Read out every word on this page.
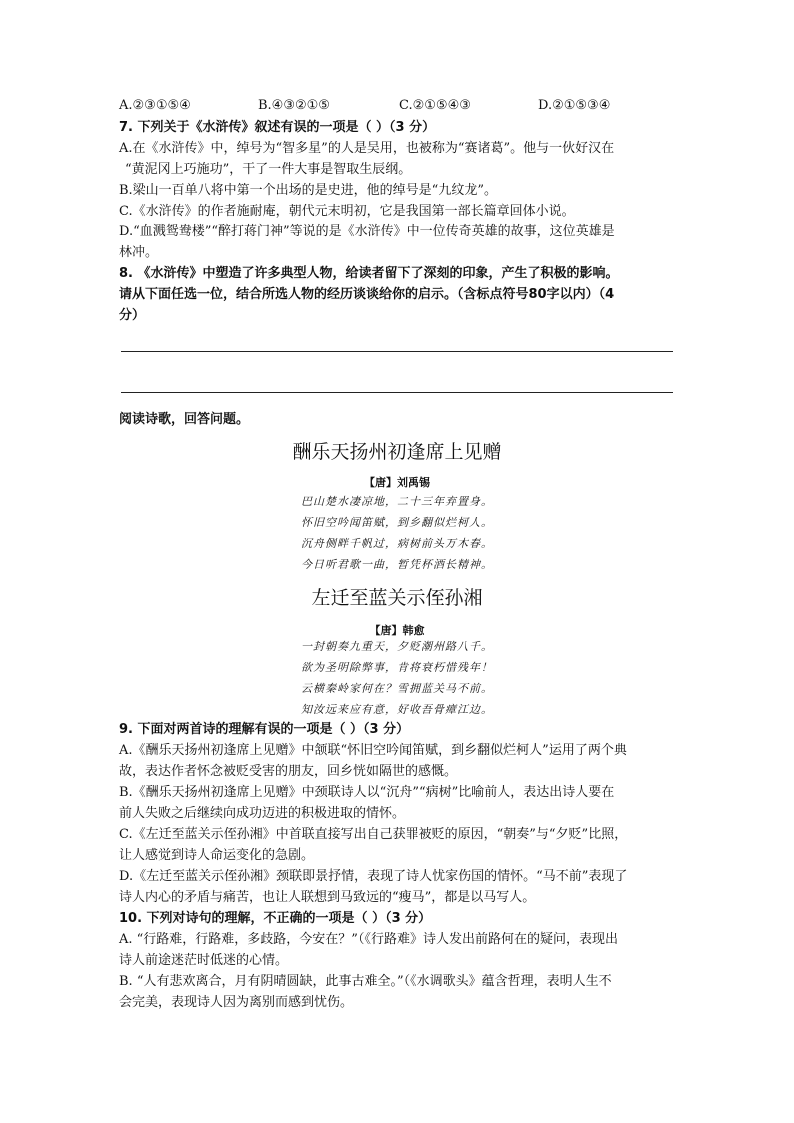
A.②③①⑤④	B.④③②①⑤	C.②①⑤④③	D.②①⑤③④
7. 下列关于《水浒传》叙述有误的一项是（ ）（3 分）
A.在《水浒传》中，绰号为“智多星”的人是吴用，也被称为“赛诸葛”。他与一伙好汉在
“黄泥冈上巧施功”，干了一件大事是智取生辰纲。
B.梁山一百单八将中第一个出场的是史进，他的绰号是“九纹龙”。
C.《水浒传》的作者施耐庵，朝代元末明初，它是我国第一部长篇章回体小说。
D.“血溅鸳鸯楼”“醉打蒋门神”等说的是《水浒传》中一位传奇英雄的故事，这位英雄是
林冲。
8. 《水浒传》中塑造了许多典型人物，给读者留下了深刻的印象，产生了积极的影响。
请从下面任选一位，结合所选人物的经历谈谈给你的启示。（含标点符号80字以内）（4
分）
阅读诗歌，回答问题。
酬乐天扬州初逢席上见赠
【唐】刘禹锡
巴山楚水凄凉地，二十三年弃置身。
怀旧空吟闻笛赋，到乡翻似烂柯人。
沉舟侧畔千帆过，病树前头万木春。
今日听君歌一曲，暂凭杯酒长精神。
左迁至蓝关示侄孙湘
【唐】韩愈
一封朝奏九重天，夕贬潮州路八千。
欲为圣明除弊事，肯将衰朽惜残年！
云横秦岭家何在？雪拥蓝关马不前。
知汝远来应有意，好收吾骨瘴江边。
9. 下面对两首诗的理解有误的一项是（ ）（3 分）
A.《酬乐天扬州初逢席上见赠》中颔联“怀旧空吟闻笛赋，到乡翻似烂柯人”运用了两个典
故，表达作者怀念被贬受害的朋友，回乡恍如隔世的感慨。
B.《酬乐天扬州初逢席上见赠》中颈联诗人以“沉舟”“病树”比喻前人，表达出诗人要在
前人失败之后继续向成功迈进的积极进取的情怀。
C.《左迁至蓝关示侄孙湘》中首联直接写出自己获罪被贬的原因，“朝奏”与“夕贬”比照，
让人感觉到诗人命运变化的急剧。
D.《左迁至蓝关示侄孙湘》颈联即景抒情，表现了诗人忧家伤国的情怀。“马不前”表现了
诗人内心的矛盾与痛苦，也让人联想到马致远的“瘦马”，都是以马写人。
10. 下列对诗句的理解，不正确的一项是（ ）（3 分）
A. “行路难，行路难，多歧路，今安在？”（《行路难》诗人发出前路何在的疑问，表现出
诗人前途迷茫时低迷的心情。
B. “人有悲欢离合，月有阴晴圆缺，此事古难全。”（《水调歌头》蕴含哲理，表明人生不
会完美，表现诗人因为离别而感到忧伤。
